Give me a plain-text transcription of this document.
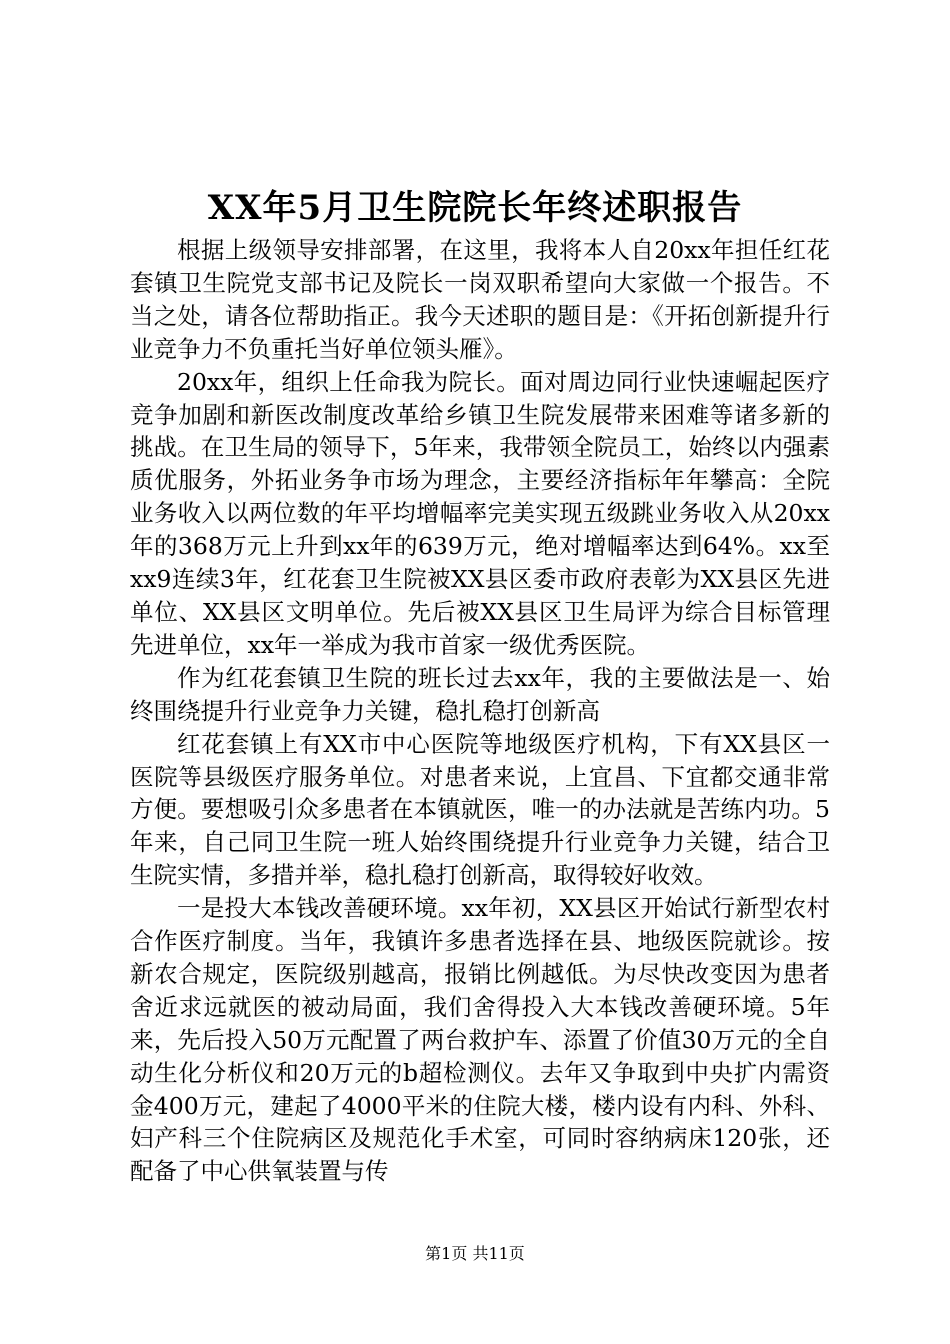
XX年5月卫生院院长年终述职报告

根据上级领导安排部署，在这里，我将本人自20xx年担任红花套镇卫生院党支部书记及院长一岗双职希望向大家做一个报告。不当之处，请各位帮助指正。我今天述职的题目是：《开拓创新提升行业竞争力不负重托当好单位领头雁》。

20xx年，组织上任命我为院长。面对周边同行业快速崛起医疗竞争加剧和新医改制度改革给乡镇卫生院发展带来困难等诸多新的挑战。在卫生局的领导下，5年来，我带领全院员工，始终以内强素质优服务，外拓业务争市场为理念，主要经济指标年年攀高：全院业务收入以两位数的年平均增幅率完美实现五级跳业务收入从20xx年的368万元上升到xx年的639万元，绝对增幅率达到64%。xx至xx9连续3年，红花套卫生院被XX县区委市政府表彰为XX县区先进单位、XX县区文明单位。先后被XX县区卫生局评为综合目标管理先进单位，xx年一举成为我市首家一级优秀医院。

作为红花套镇卫生院的班长过去xx年，我的主要做法是一、始终围绕提升行业竞争力关键，稳扎稳打创新高

红花套镇上有XX市中心医院等地级医疗机构，下有XX县区一医院等县级医疗服务单位。对患者来说，上宜昌、下宜都交通非常方便。要想吸引众多患者在本镇就医，唯一的办法就是苦练内功。5年来，自己同卫生院一班人始终围绕提升行业竞争力关键，结合卫生院实情，多措并举，稳扎稳打创新高，取得较好收效。

一是投大本钱改善硬环境。xx年初，XX县区开始试行新型农村合作医疗制度。当年，我镇许多患者选择在县、地级医院就诊。按新农合规定，医院级别越高，报销比例越低。为尽快改变因为患者舍近求远就医的被动局面，我们舍得投入大本钱改善硬环境。5年来，先后投入50万元配置了两台救护车、添置了价值30万元的全自动生化分析仪和20万元的b超检测仪。去年又争取到中央扩内需资金400万元，建起了4000平米的住院大楼，楼内设有内科、外科、妇产科三个住院病区及规范化手术室，可同时容纳病床120张，还配备了中心供氧装置与传

第1页 共11页
